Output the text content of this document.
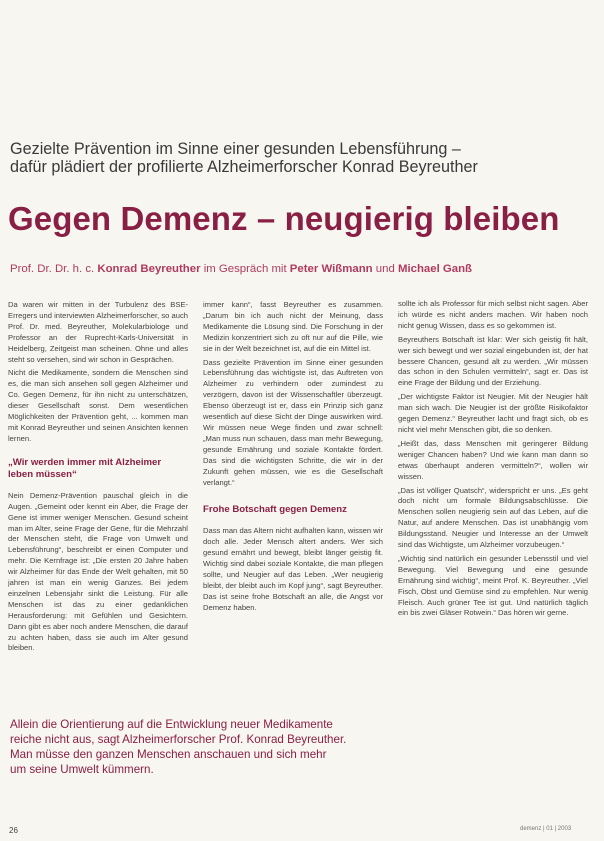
Gezielte Prävention im Sinne einer gesunden Lebensführung –
dafür plädiert der profilierte Alzheimerforscher Konrad Beyreuther
Gegen Demenz – neugierig bleiben
Prof. Dr. Dr. h. c. Konrad Beyreuther im Gespräch mit Peter Wißmann und Michael Ganß

Da waren wir mitten in der Turbulenz des BSE-Erregers und interviewten Alzheimerforscher, so auch Prof. Dr. med. Beyreuther, Molekularbiologe und Professor an der Ruprecht-Karls-Universität in Heidelberg, Zeitgeist man scheinen. Ohne und alles steht so versehen, sind wir schon in Gesprächen.

Nicht die Medikamente, sondern die Menschen sind es, die man sich ansehen soll gegen Alzheimer und Co. Gegen Demenz, für ihn nicht zu unterschätzen, dieser Gesellschaft sonst. Dem wesentlichen Möglichkeiten der Prävention geht, ... kommen man mit Konrad Beyreuther und seinen Ansichten kennen lernen.

„Wir werden immer mit Alzheimer leben müssen“

Nein Demenz-Prävention pauschal gleich in die Augen. „Gemeint oder kennt ein Aber, die Frage der Gene ist immer weniger Menschen. Gesund scheint man im Alter, seine Frage der Gene, für die Mehrzahl der Menschen steht, die Frage von Umwelt und Lebensführung“, beschreibt er einen Computer und mehr. Die Kernfrage ist: „Die ersten 20 Jahre haben wir Alzheimer für das Ende der Welt gehalten, mit 50 jahren ist man ein wenig Ganzes. Bei jedem einzelnen Lebensjahr sinkt die Leistung. Für alle Menschen ist das zu einer gedanklichen Herausforderung: mit Gefühlen und Gesichtern. Dann gibt es aber noch andere Menschen, die darauf zu achten haben, dass sie auch im Alter gesund bleiben.

immer kann“, fasst Beyreuther es zusammen. „Darum bin ich auch nicht der Meinung, dass Medikamente die Lösung sind. Die Forschung in der Medizin konzentriert sich zu oft nur auf die Pille, wie sie in der Welt bezeichnet ist, auf die ein Mittel ist.

Dass gezielte Prävention im Sinne einer gesunden Lebensführung das wichtigste ist, das Auftreten von Alzheimer zu verhindern oder zumindest zu verzögern, davon ist der Wissenschaftler überzeugt. Ebenso überzeugt ist er, dass ein Prinzip sich ganz wesentlich auf diese Sicht der Dinge auswirken wird. Wir müssen neue Wege finden und zwar schnell: „Man muss nun schauen, dass man mehr Bewegung, gesunde Ernährung und soziale Kontakte fördert. Das sind die wichtigsten Schritte, die wir in der Zukunft gehen müssen, wie es die Gesellschaft verlangt.“

Frohe Botschaft gegen Demenz

Dass man das Altern nicht aufhalten kann, wissen wir doch alle. Jeder Mensch altert anders. Wer sich gesund ernährt und bewegt, bleibt länger geistig fit. Wichtig sind dabei soziale Kontakte, die man pflegen sollte, und Neugier auf das Leben. „Wer neugierig bleibt, der bleibt auch im Kopf jung“, sagt Beyreuther. Das ist seine frohe Botschaft an alle, die Angst vor Demenz haben.

sollte ich als Professor für mich selbst nicht sagen. Aber ich würde es nicht anders machen. Wir haben noch nicht genug Wissen, dass es so gekommen ist.

Beyreuthers Botschaft ist klar: Wer sich geistig fit hält, wer sich bewegt und wer sozial eingebunden ist, der hat bessere Chancen, gesund alt zu werden. „Wir müssen das schon in den Schulen vermitteln“, sagt er. Das ist eine Frage der Bildung und der Erziehung.

„Der wichtigste Faktor ist Neugier. Mit der Neugier hält man sich wach. Die Neugier ist der größte Risikofaktor gegen Demenz.“ Beyreuther lacht und fragt sich, ob es nicht viel mehr Menschen gibt, die so denken.

„Heißt das, dass Menschen mit geringerer Bildung weniger Chancen haben? Und wie kann man dann so etwas überhaupt anderen vermitteln?“, wollen wir wissen.

„Das ist völliger Quatsch“, widerspricht er uns. „Es geht doch nicht um formale Bildungsabschlüsse. Die Menschen sollen neugierig sein auf das Leben, auf die Natur, auf andere Menschen. Das ist unabhängig vom Bildungsstand. Neugier und Interesse an der Umwelt sind das Wichtigste, um Alzheimer vorzubeugen.“

„Wichtig sind natürlich ein gesunder Lebensstil und viel Bewegung. Viel Bewegung und eine gesunde Ernährung sind wichtig“, meint Prof. K. Beyreuther. „Viel Fisch, Obst und Gemüse sind zu empfehlen. Nur wenig Fleisch. Auch grüner Tee ist gut. Und natürlich täglich ein bis zwei Gläser Rotwein.“ Das hören wir gerne.

Allein die Orientierung auf die Entwicklung neuer Medikamente
reiche nicht aus, sagt Alzheimerforscher Prof. Konrad Beyreuther.
Man müsse den ganzen Menschen anschauen und sich mehr
um seine Umwelt kümmern.
26	demenz | 01 | 2003
